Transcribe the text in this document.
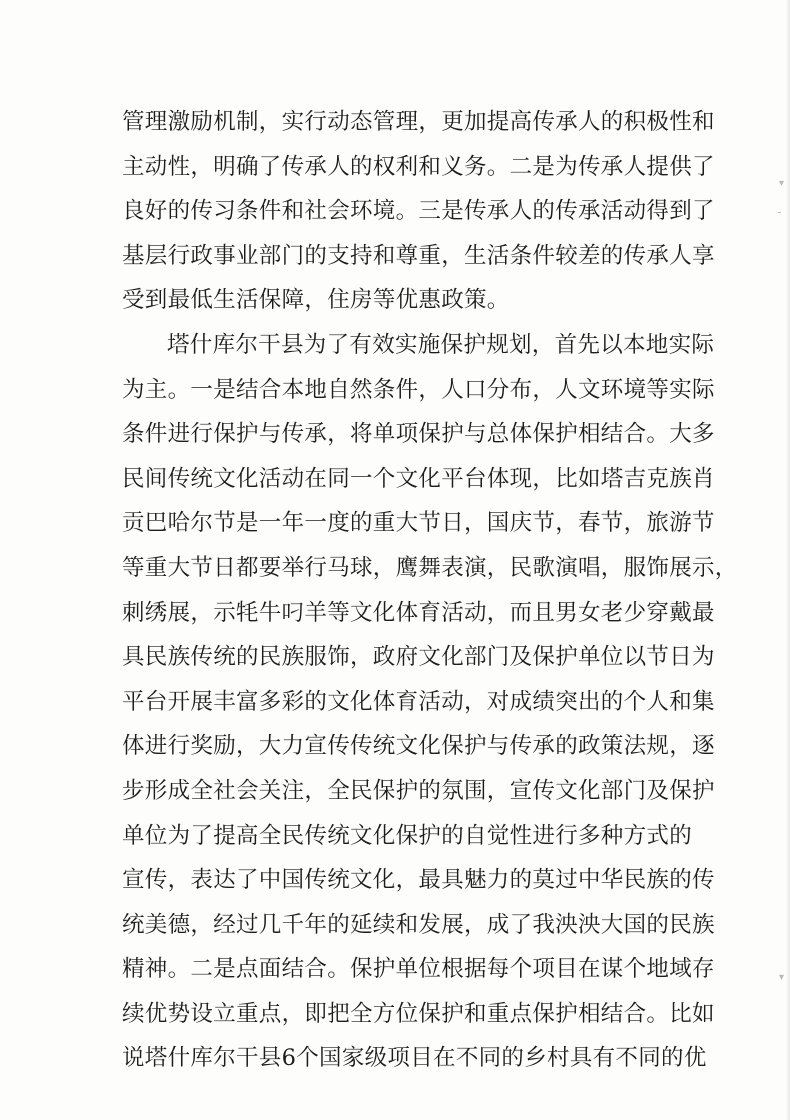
管理激励机制，实行动态管理，更加提高传承人的积极性和
主动性，明确了传承人的权利和义务。二是为传承人提供了
良好的传习条件和社会环境。三是传承人的传承活动得到了
基层行政事业部门的支持和尊重，生活条件较差的传承人享
受到最低生活保障，住房等优惠政策。
塔什库尔干县为了有效实施保护规划，首先以本地实际
为主。一是结合本地自然条件，人口分布，人文环境等实际
条件进行保护与传承，将单项保护与总体保护相结合。大多
民间传统文化活动在同一个文化平台体现，比如塔吉克族肖
贡巴哈尔节是一年一度的重大节日，国庆节，春节，旅游节
等重大节日都要举行马球，鹰舞表演，民歌演唱，服饰展示，
刺绣展，示牦牛叼羊等文化体育活动，而且男女老少穿戴最
具民族传统的民族服饰，政府文化部门及保护单位以节日为
平台开展丰富多彩的文化体育活动，对成绩突出的个人和集
体进行奖励，大力宣传传统文化保护与传承的政策法规，逐
步形成全社会关注，全民保护的氛围，宣传文化部门及保护
单位为了提高全民传统文化保护的自觉性进行多种方式的
宣传，表达了中国传统文化，最具魅力的莫过中华民族的传
统美德，经过几千年的延续和发展，成了我泱泱大国的民族
精神。二是点面结合。保护单位根据每个项目在谋个地域存
续优势设立重点，即把全方位保护和重点保护相结合。比如
说塔什库尔干县6个国家级项目在不同的乡村具有不同的优
▾
╴
▾
